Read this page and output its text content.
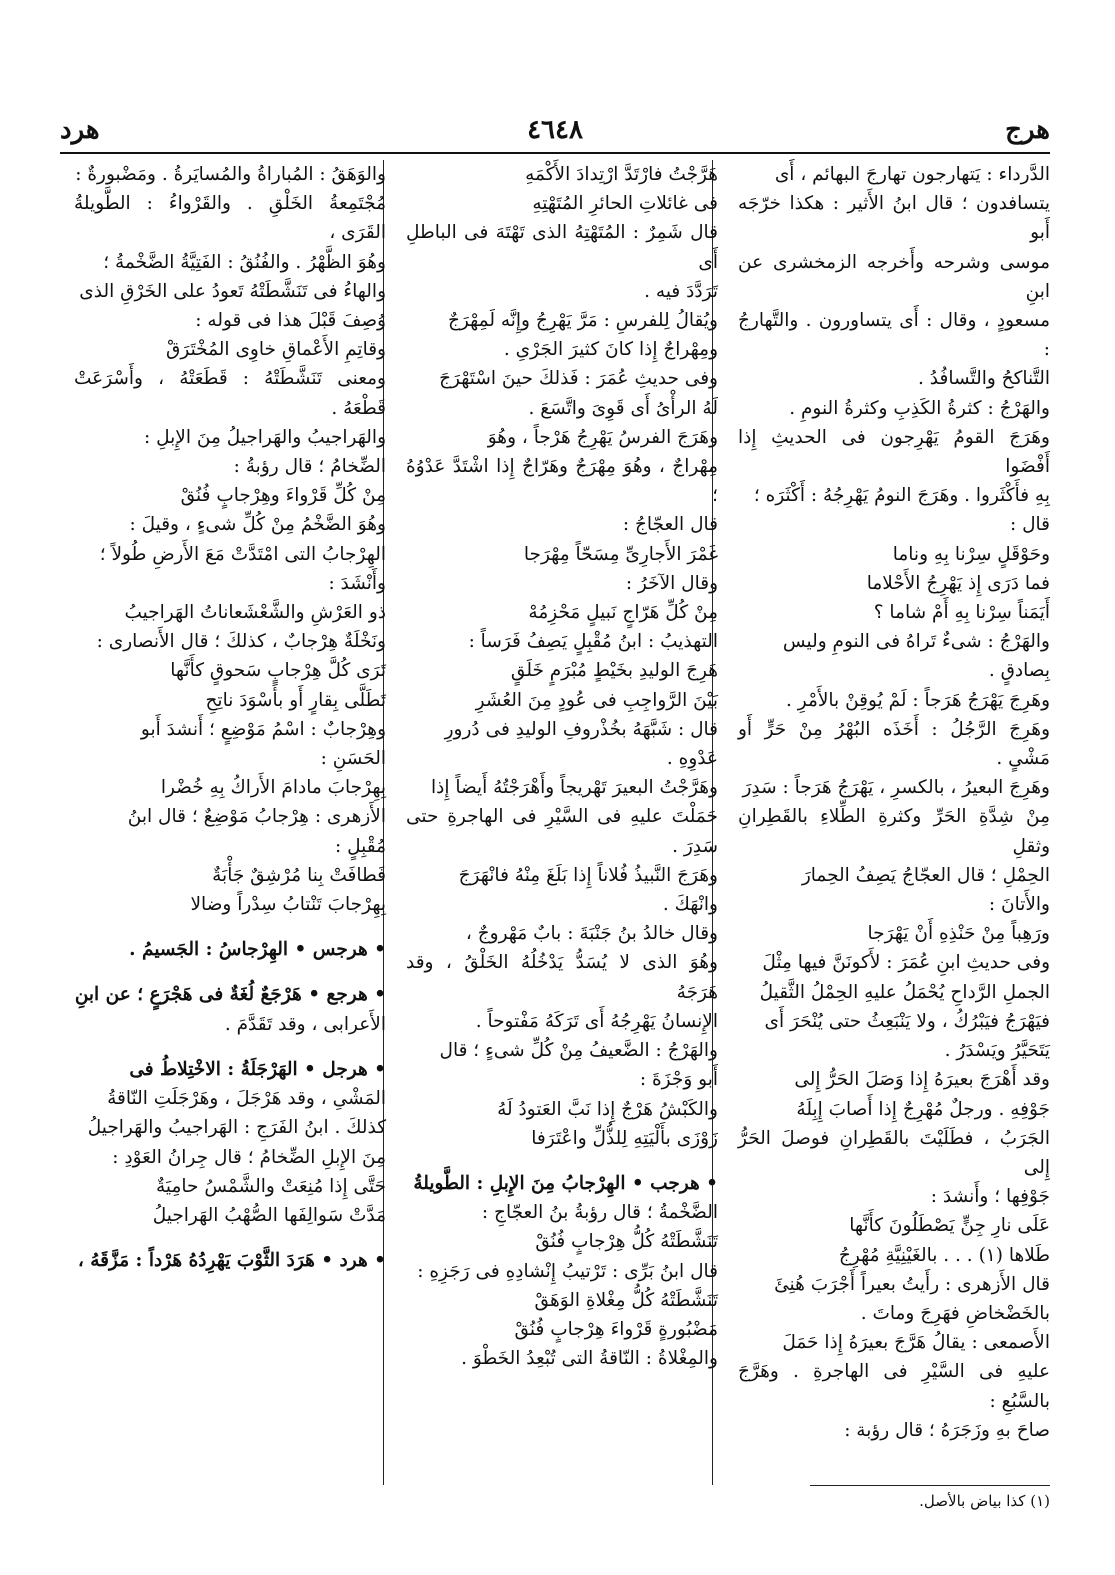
هرج
٤٦٤٨
هرد

الدَّرداء : يَتهارجون تهارجَ البهائم ، أَى

يتسافدون ؛ قال ابنُ الأَثير : هكذا خرّجَه أَبو

موسى وشرحه وأَخرجه الزمخشرى عن ابنِ

مسعودٍ ، وقال : أَى يتساورون . والتَّهارجُ :

التَّناكحُ والتَّسافُدُ .

والهَرْجُ : كثرةُ الكَذِبِ وكثرةُ النومِ .

وهَرَجَ القومُ يَهْرِجون فى الحديثِ إِذا أَفْضَوا

بِهِ فأَكْثَروا . وهَرَجَ النومُ يَهْرِجُهُ : أَكْثَرَه ؛

قال :

وحَوْقَلٍ سِرْنا بِهِ وناما

فما دَرَى إِذ يَهْرِجُ الأَحْلاما

أَيَمَناً سِرْنا بِهِ أَمْ شاما ؟

والهَرْجُ : شىءٌ تَراهُ فى النومِ وليس

بِصادقٍ .

وهَرِجَ يَهْرَجُ هَرَجاً : لَمْ يُوقِنْ بالأَمْرِ .

وهَرِجَ الرَّجُلُ : أَخَذَه البُهْرُ مِنْ حَرٍّ أَو مَشْىٍ .

وهَرِجَ البعيرُ ، بالكسرِ ، يَهْرَجُ هَرَجاً : سَدِرَ

مِنْ شِدَّةِ الحَرِّ وكثرةِ الطِّلاءِ بالقَطِرانِ وثقلِ

الحِمْلِ ؛ قال العجّاجُ يَصِفُ الحِمارَ

والأَتانَ :

ورَهِباً مِنْ حَنْذِهِ أَنْ يَهْرَجا

وفى حديثِ ابنِ عُمَرَ : لأَكونَنَّ فيها مِثْلَ

الجملِ الرَّداحِ يُحْمَلُ عليهِ الحِمْلُ الثَّقيلُ

فيَهْرَجُ فيَبْرُكُ ، ولا يَنْبَعِثُ حتى يُنْحَرَ أَى

يَتَحَيَّرُ ويَسْدَرُ .

وقد أَهْرَجَ بعيرَهُ إِذا وَصَلَ الحَرُّ إِلى

جَوْفِهِ . ورجلٌ مُهْرِجٌ إِذا أَصابَ إِبِلَهُ

الجَرَبُ ، فطَلَيْتَ بالقَطِرانِ فوصلَ الحَرُّ إِلى

جَوْفِها ؛ وأَنشدَ :

عَلَى نارِ جِنٍّ يَصْطَلُونَ كأَنَّها

طَلاها (١) . . . بالغَيْنِيَّةِ مُهْرِجُ

قال الأَزهرى : رأَيتُ بعيراً أَجْرَبَ هُنِئَ

بالخَضْخاضِ فهَرِجَ وماتَ .

الأَصمعى : يقالُ هَرَّجَ بعيرَهُ إِذا حَمَلَ

عليهِ فى السَّيْرِ فى الهاجرةِ . وهَرَّجَ بالسَّبُعِ :

صاحَ بهِ وزَجَرَهُ ؛ قال رؤبة :

هَرَّجْتُ فارْتَدَّ ارْتِدادَ الأَكْمَهِ

فى غائلاتِ الحائرِ المُتَهْتِهِ

قال شَمِرٌ : المُتَهْتِهُ الذى تَهْتَهَ فى الباطلِ أَى

تَرَدَّدَ فيه .

ويُقالُ لِلفرسِ : مَرَّ يَهْرِجُ وإِنَّه لَمِهْرَجٌ

ومِهْراجٌ إِذا كانَ كثيرَ الجَرْىِ .

وفى حديثِ عُمَرَ : فَذلكَ حينَ اسْتَهْرَجَ

لَهُ الرأْىُ أَى قَوِىَ واتَّسَعَ .

وهَرَجَ الفرسُ يَهْرِجُ هَرْجاً ، وهُوَ

مِهْراجٌ ، وهُوَ مِهْرَجٌ وهَرّاجٌ إِذا اشْتَدَّ عَدْوُهُ ؛

قال العجّاجُ :

غَمْرَ الأَجارِىِّ مِسَحّاً مِهْرَجا

وقال الآخَرُ :

مِنْ كُلِّ هَرّاجٍ نَبيلٍ مَحْزِمُهْ

التهذيبُ : ابنُ مُقْبِلٍ يَصِفُ فَرَساً :

هَرِجَ الوليدِ بخَيْطٍ مُبْرَمٍ خَلَقٍ

بَيْنَ الرَّواجِبِ فى عُودٍ مِنَ العُشَرِ

قال : شَبَّهَهُ بخُذْروفِ الوليدِ فى دُرورِ

عَدْوِهِ .

وهَرَّجْتُ البعيرَ تَهْريجاً وأَهْرَجْتُهُ أَيضاً إِذا

حَمَلْتَ عليهِ فى السَّيْرِ فى الهاجرةِ حتى سَدِرَ .

وهَرَجَ النَّبيذُ فُلاناً إِذا بَلَغَ مِنْهُ فانْهَرَجَ

وانْهَكَ .

وقال خالدُ بنُ جَنْبَةَ : بابٌ مَهْروجٌ ،

وهُوَ الذى لا يُسَدُّ يَدْخُلُهُ الخَلْقُ ، وقد هَرَجَهُ

الإِنسانُ يَهْرِجُهُ أَى تَرَكَهُ مَفْتوحاً .

والهَرْجُ : الضَّعيفُ مِنْ كُلِّ شىءٍ ؛ قال

أَبو وَجْزَةَ :

والكَبْشُ هَرْجٌ إِذا نَبَّ العَتودُ لَهُ

زَوْزَى بأَلْيَتِهِ لِلذُّلِّ واعْتَرَفا

• هرجب • الهِرْجابُ مِنَ الإِبلِ : الطَّويلةُ

الضَّخْمةُ ؛ قال رؤبةُ بنُ العجّاجِ :

تَنَشَّطَتْهُ كُلُّ هِرْجابٍ فُنُقْ

قال ابنُ بَرِّى : تَرْتيبُ إِنْشادِهِ فى رَجَزِهِ :

تَنَشَّطَتْهُ كُلُّ مِغْلاةِ الوَهَقْ

مَضْبُورةٍ قَرْواءَ هِرْجابٍ فُنُقْ

والمِغْلاةُ : النّاقةُ التى تُبْعِدُ الخَطْوَ .

والوَهَقُ : المُباراةُ والمُسايَرةُ . ومَضْبورةٌ :

مُجْتَمِعةُ الخَلْقِ . والقَرْواءُ : الطَّويلةُ القَرَى ،

وهُوَ الظَّهْرُ . والفُنُقُ : الفَتِيَّةُ الضَّخْمةُ ؛

والهاءُ فى تَنَشَّطَتْهُ تَعودُ على الخَرْقِ الذى

وُصِفَ قَبْلَ هذا فى قوله :

وقاتِمِ الأَعْماقِ خاوِى المُخْتَرَقْ

ومعنى تَنَشَّطَتْهُ : قَطَعَتْهُ ، وأَسْرَعَتْ قَطْعَهُ .

والهَراجيبُ والهَراجيلُ مِنَ الإِبلِ :

الضِّخامُ ؛ قال رؤبةُ :

مِنْ كُلِّ قَرْواءَ وهِرْجابٍ فُنُقْ

وهُوَ الضَّخْمُ مِنْ كُلِّ شىءٍ ، وقيلَ :

الهِرْجابُ التى امْتَدَّتْ مَعَ الأَرضِ طُولاً ؛

وأَنْشَدَ :

ذو العَرْشِ والشَّعْشَعاناتُ الهَراجيبُ

ونَخْلَةٌ هِرْجابٌ ، كذلكَ ؛ قال الأَنصارى :

تَرَى كُلَّ هِرْجابٍ سَحوقٍ كأَنَّها

تَطَلَّى بِقارٍ أَو بأَسْوَدَ ناتِحِ

وهِرْجابٌ : اسْمُ مَوْضِعٍ ؛ أَنشدَ أَبو

الحَسَنِ :

بِهِرْجابَ مادامَ الأَراكُ بِهِ خُضْرا

الأَزهرى : هِرْجابُ مَوْضِعٌ ؛ قال ابنُ

مُقْبِلٍ :

فَطافَتْ بِنا مُرْشِقٌ جَأْبَةٌ

بِهِرْجابَ تَنْتابُ سِدْراً وضالا

• هرجس • الهِرْجاسُ : الجَسيمُ .

• هرجع • هَرْجَعٌ لُغَةٌ فى هَجْرَعٍ ؛ عن ابنِ

الأَعرابى ، وقد تَقَدَّمَ .

• هرجل • الهَرْجَلَةُ : الاخْتِلاطُ فى

المَشْىِ ، وقد هَرْجَلَ ، وهَرْجَلَتِ النّاقةُ

كذلكَ . ابنُ الفَرَجِ : الهَراجيبُ والهَراجيلُ

مِنَ الإِبلِ الضِّخامُ ؛ قال جِرانُ العَوْدِ :

حَتَّى إِذا مُنِعَتْ والشَّمْسُ حامِيَةٌ

مَدَّتْ سَوالِفَها الصُّهْبُ الهَراجيلُ

• هرد • هَرَدَ الثَّوْبَ يَهْرِدُهُ هَرْداً : مَزَّقَهُ ،

(١) كذا بياض بالأصل.
